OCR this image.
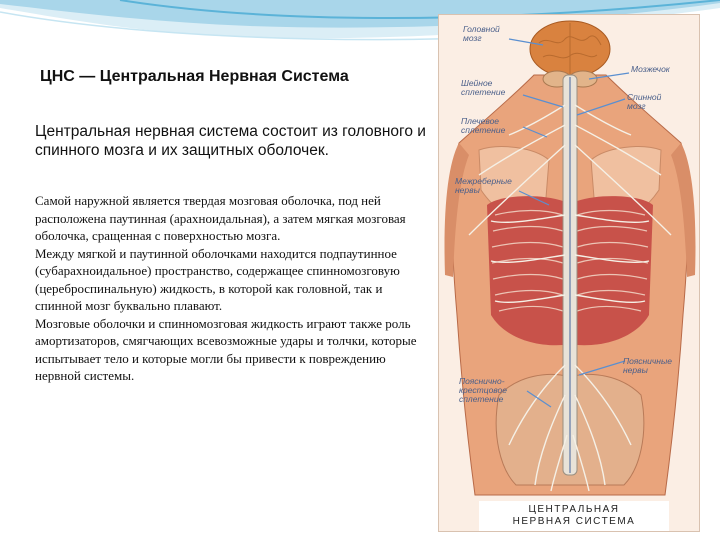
ЦНС — Центральная Нервная Система
Центральная нервная система состоит из головного и спинного мозга и их защитных оболочек.

Самой наружной является твердая мозговая оболочка, под ней расположена паутинная (арахноидальная), а затем мягкая мозговая оболочка, сращенная с поверхностью мозга.

Между мягкой и паутинной оболочками находится подпаутинное (субарахноидальное) пространство, содержащее спинномозговую (цереброспинальную) жидкость, в которой как головной, так и спинной мозг буквально плавают.

Мозговые оболочки и спинномозговая жидкость играют также роль амортизаторов, смягчающих всевозможные удары и толчки, которые испытывает тело и которые могли бы привести к повреждению нервной системы.

Головной
мозг
Мозжечок
Шейное
сплетение	Спинной
мозг
Плечевое
сплетение
Межреберные
нервы
Поясничные
нервы
Пояснично-
крестцовое
сплетение
ЦЕНТРАЛЬНАЯ
НЕРВНАЯ СИСТЕМА
